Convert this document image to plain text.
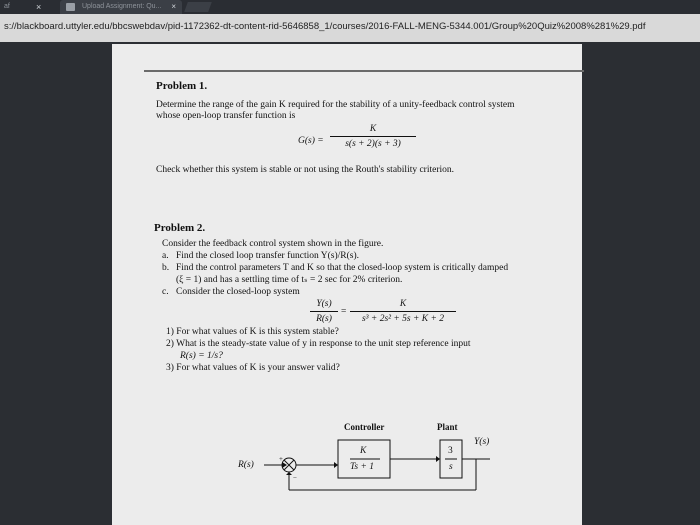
af	×	Upload Assignment: Qu... ×
s://blackboard.uttyler.edu/bbcswebdav/pid-1172362-dt-content-rid-5646858_1/courses/2016-FALL-MENG-5344.001/Group%20Quiz%2008%281%29.pdf
Problem 1.
Determine the range of the gain K required for the stability of a unity-feedback control system
whose open-loop transfer function is
G(s) =
K
s(s + 2)(s + 3)
Check whether this system is stable or not using the Routh's stability criterion.
Problem 2.
Consider the feedback control system shown in the figure.
a. Find the closed loop transfer function Y(s)/R(s).
b. Find the control parameters T and K so that the closed-loop system is critically damped
(ξ = 1) and has a settling time of tₛ = 2 sec for 2% criterion.
c. Consider the closed-loop system
Y(s)
R(s)
=
K
s³ + 2s² + 5s + K + 2
1) For what values of K is this system stable?
2) What is the steady-state value of y in response to the unit step reference input
R(s) = 1/s?
3) For what values of K is your answer valid?
Controller	Plant
R(s)
Y(s)
K
Ts + 1
3
s
+
−
